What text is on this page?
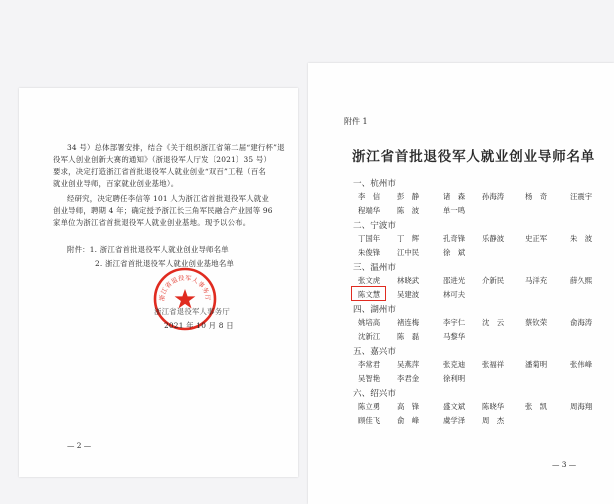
34 号）总体部署安排，结合《关于组织浙江省第二届“建行杯”退
役军人创业创新大赛的通知》（浙退役军人厅发〔2021〕35 号）
要求，决定打造浙江省首批退役军人就业创业“双百”工程（百名
就业创业导师，百家就业创业基地）。
经研究，决定聘任李信等 101 人为浙江省首批退役军人就业
创业导师，聘期 4 年；确定授予浙江长三角军民融合产业园等 96
家单位为浙江省首批退役军人就业创业基地。现予以公布。
附件：1. 浙江省首批退役军人就业创业导师名单
2. 浙江省首批退役军人就业创业基地名单
浙江省退役军人事务厅
浙江省退役军人事务厅
2021 年 10 月 8 日
— 2 —
附件 1
浙江省首批退役军人就业创业导师名单
一、杭州市
李　信 彭　静	诸　森 孙海涛	杨　奇	汪震宇
程端华 陈　波	单一鸣
二、宁波市
丁国年 丁　辉	孔奇锋 乐静波	史正军	朱　波
朱俊锋 江中民	徐　斌
三、温州市
张文虎 林晓武	邵进光 介新民	马洋充	薛久熙
陈文慧 吴建波	林可夫
四、湖州市
姚培高 褚连梅	李宇仁 沈　云	蔡钦荣	俞海涛
沈新江 陈　磊	马黎华
五、嘉兴市
李常君 吴燕萍	张克迪 张福祥	潘菊明	张伟峰
吴智艳 李君金	徐利明
六、绍兴市
陈立勇 高　锋	盛文斌 陈晓华	张　凯	周海翔
顾佳飞 俞　峰	虞学泽 周　杰
— 3 —
